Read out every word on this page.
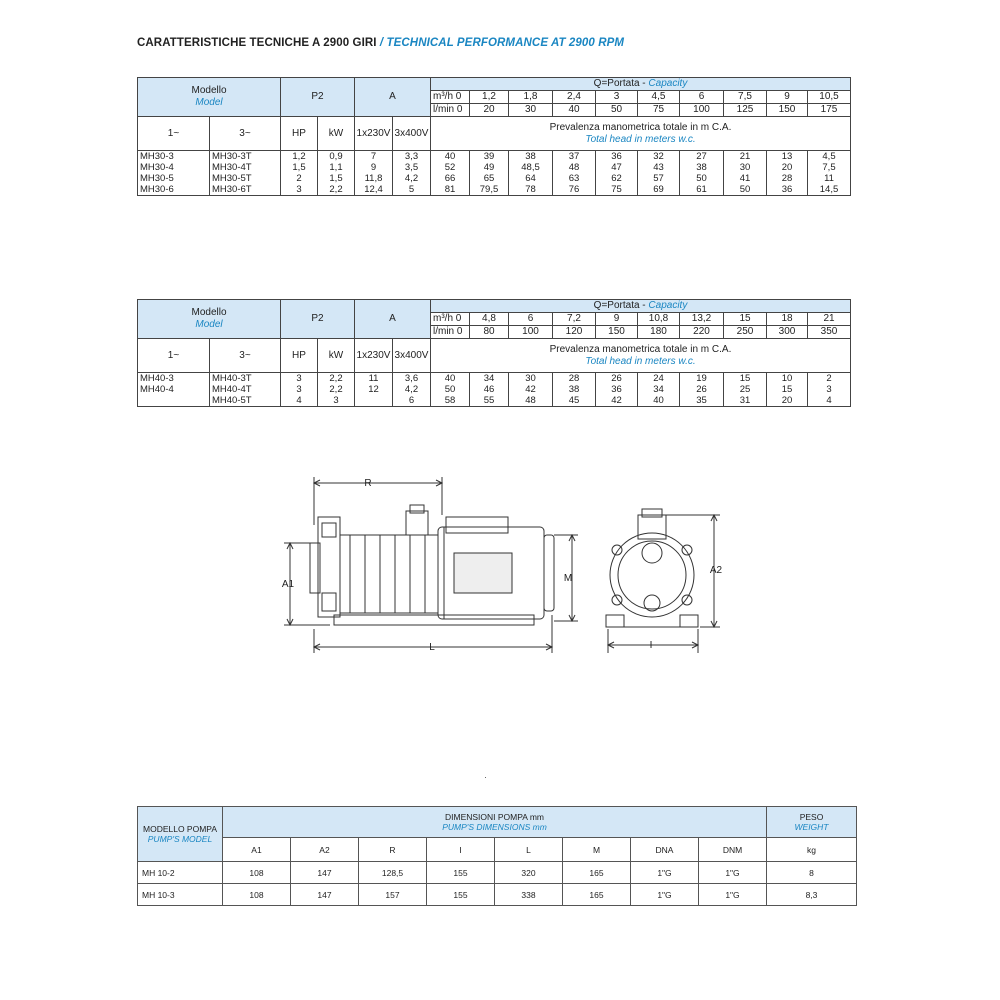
CARATTERISTICHE TECNICHE A 2900 GIRI / TECHNICAL PERFORMANCE AT 2900 RPM
Modello
Model		P2		A		Q=Portata - Capacity									
						m³/h 0	1,2	1,8	2,4	3	4,5	6	7,5	9	10,5
						l/min 0	20	30	40	50	75	100	125	150	175
1~	3~	HP	kW	1x230V	3x400V	Prevalenza manometrica totale in m C.A.
Total head in meters w.c.									
MH30-3	MH30-3T	1,2	0,9	7	3,3	40	39	38	37	36	32	27	21	13	4,5
MH30-4	MH30-4T	1,5	1,1	9	3,5	52	49	48,5	48	47	43	38	30	20	7,5
MH30-5	MH30-5T	2	1,5	11,8	4,2	66	65	64	63	62	57	50	41	28	11
MH30-6	MH30-6T	3	2,2	12,4	5	81	79,5	78	76	75	69	61	50	36	14,5
Modello
Model		P2		A		Q=Portata - Capacity									
						m³/h 0	4,8	6	7,2	9	10,8	13,2	15	18	21
						l/min 0	80	100	120	150	180	220	250	300	350
1~	3~	HP	kW	1x230V	3x400V	Prevalenza manometrica totale in m C.A.
Total head in meters w.c.									
MH40-3	MH40-3T	3	2,2	11	3,6	40	34	30	28	26	24	19	15	10	2
MH40-4	MH40-4T	3	2,2	12	4,2	50	46	42	38	36	34	26	25	15	3
	MH40-5T	4	3		6	58	55	48	45	42	40	35	31	20	4
R
A1
M
L
A2
I
MODELLO POMPA
PUMP'S MODEL	DIMENSIONI POMPA mm
PUMP'S DIMENSIONS mm								PESO
WEIGHT
	A1	A2	R	I	L	M	DNA	DNM	kg
MH 10-2	108	147	128,5	155	320	165	1"G	1"G	8
MH 10-3	108	147	157	155	338	165	1"G	1"G	8,3
